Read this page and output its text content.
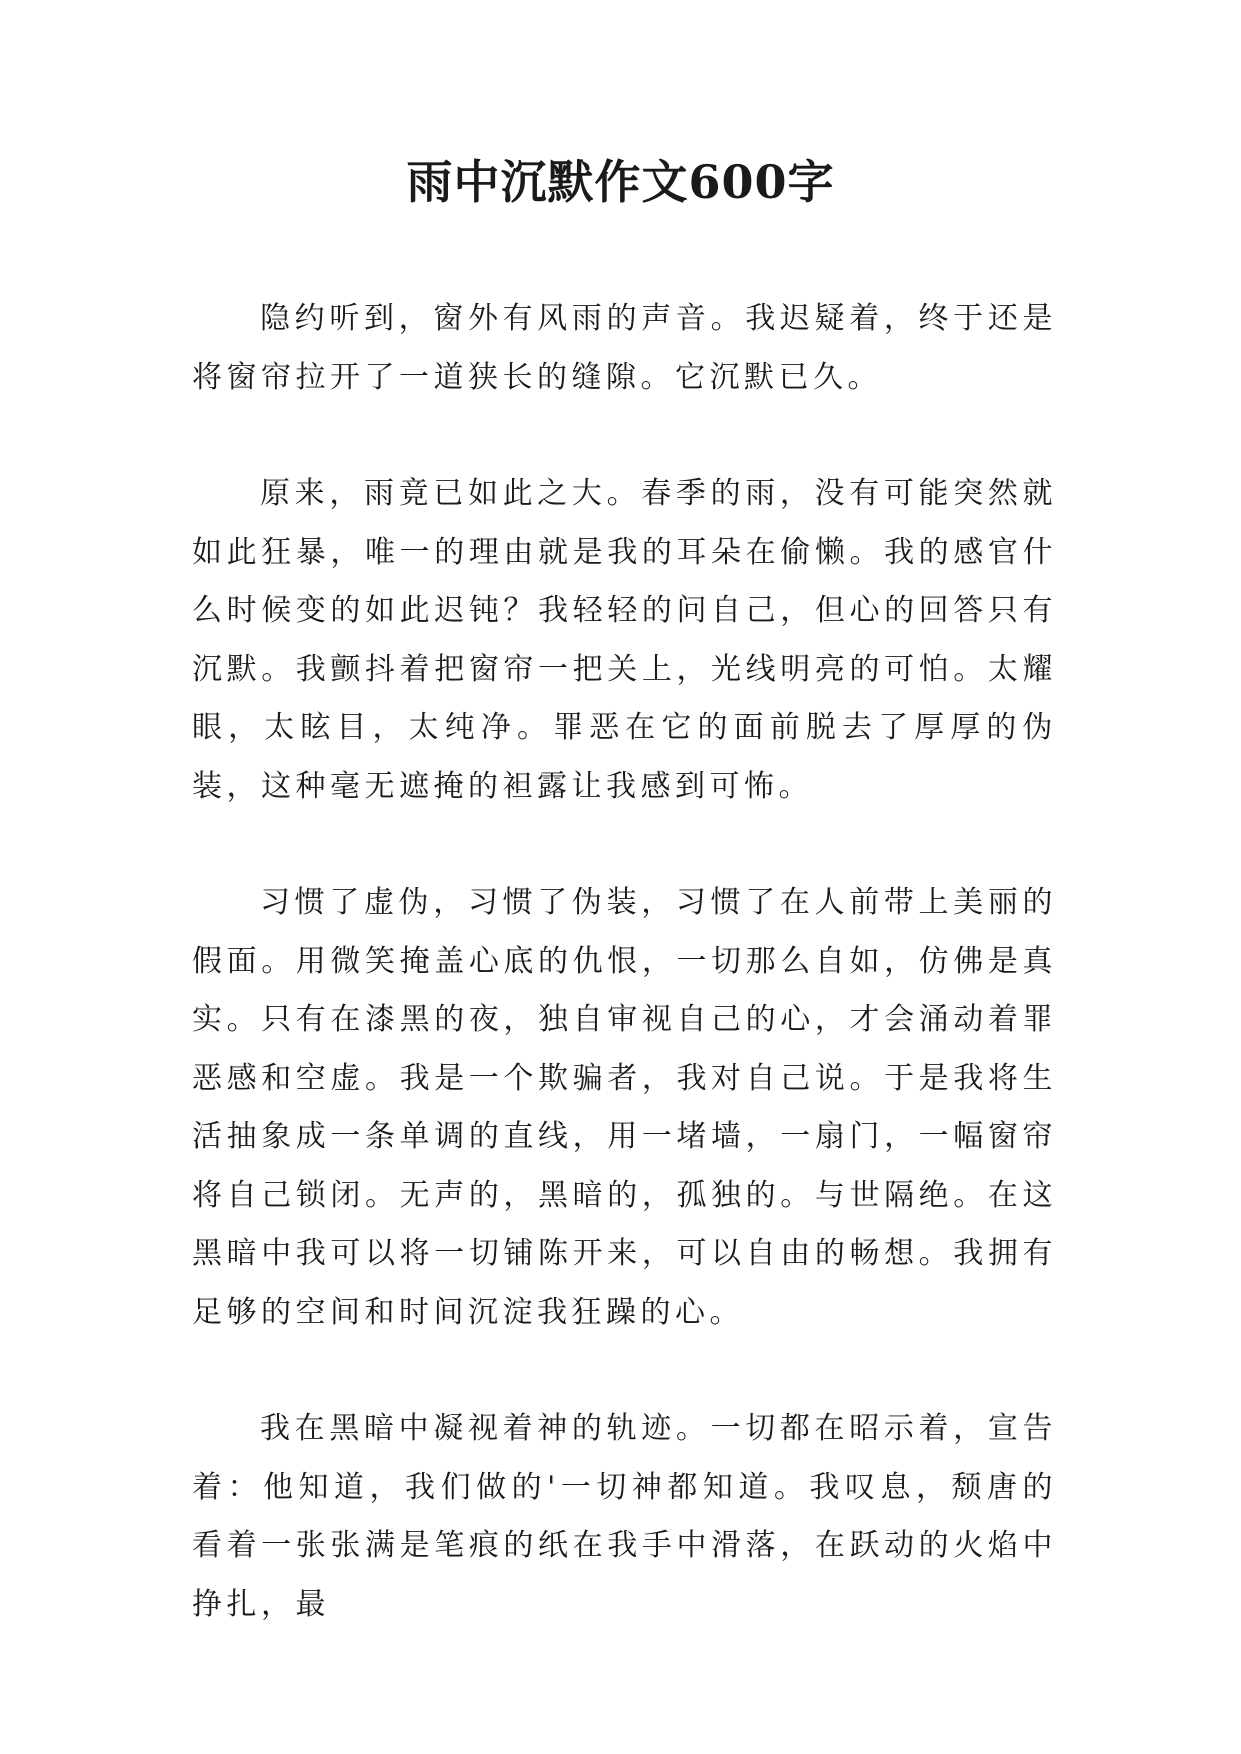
雨中沉默作文600字

隐约听到，窗外有风雨的声音。我迟疑着，终于还是将窗帘拉开了一道狭长的缝隙。它沉默已久。

原来，雨竟已如此之大。春季的雨，没有可能突然就如此狂暴，唯一的理由就是我的耳朵在偷懒。我的感官什么时候变的如此迟钝？我轻轻的问自己，但心的回答只有沉默。我颤抖着把窗帘一把关上，光线明亮的可怕。太耀眼，太眩目，太纯净。罪恶在它的面前脱去了厚厚的伪装，这种毫无遮掩的袒露让我感到可怖。

习惯了虚伪，习惯了伪装，习惯了在人前带上美丽的假面。用微笑掩盖心底的仇恨，一切那么自如，仿佛是真实。只有在漆黑的夜，独自审视自己的心，才会涌动着罪恶感和空虚。我是一个欺骗者，我对自己说。于是我将生活抽象成一条单调的直线，用一堵墙，一扇门，一幅窗帘将自己锁闭。无声的，黑暗的，孤独的。与世隔绝。在这黑暗中我可以将一切铺陈开来，可以自由的畅想。我拥有足够的空间和时间沉淀我狂躁的心。

我在黑暗中凝视着神的轨迹。一切都在昭示着，宣告着：他知道，我们做的'一切神都知道。我叹息，颓唐的看着一张张满是笔痕的纸在我手中滑落，在跃动的火焰中挣扎，最
